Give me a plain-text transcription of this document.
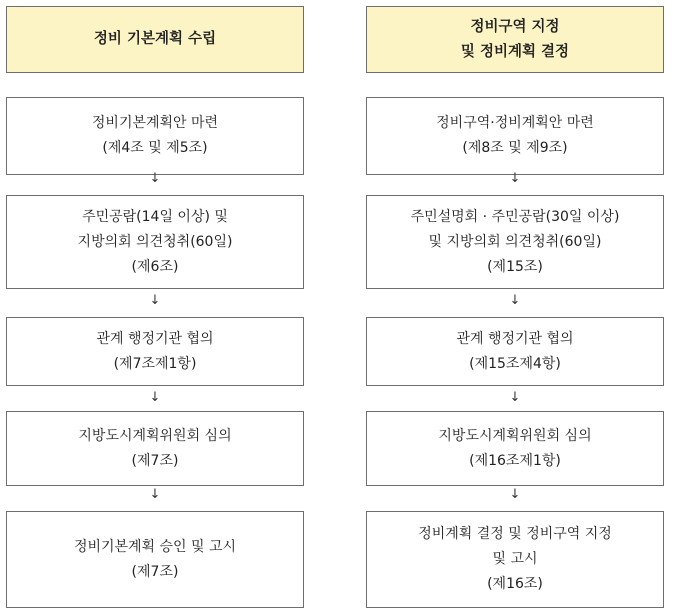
정비 기본계획 수립
정비기본계획안 마련
(제4조 및 제5조)
↓
주민공람(14일 이상) 및
지방의회 의견청취(60일)
(제6조)
↓
관계 행정기관 협의
(제7조제1항)
↓
지방도시계획위원회 심의
(제7조)
↓
정비기본계획 승인 및 고시
(제7조)
정비구역 지정
및 정비계획 결정
정비구역·정비계획안 마련
(제8조 및 제9조)
↓
주민설명회 · 주민공람(30일 이상)
및 지방의회 의견청취(60일)
(제15조)
↓
관계 행정기관 협의
(제15조제4항)
↓
지방도시계획위원회 심의
(제16조제1항)
↓
정비계획 결정 및 정비구역 지정
및 고시
(제16조)
